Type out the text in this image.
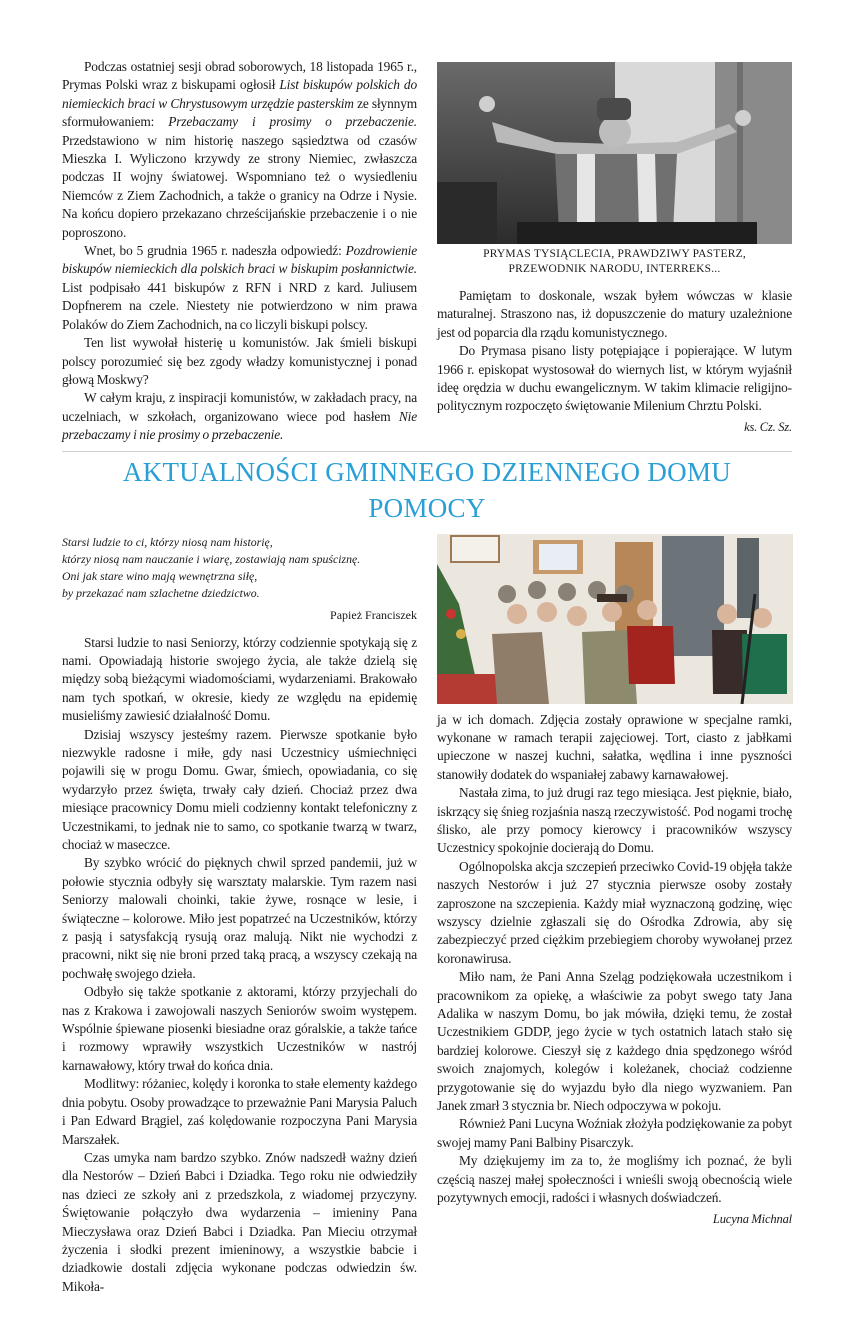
Podczas ostatniej sesji obrad soborowych, 18 listopada 1965 r., Prymas Polski wraz z biskupami ogłosił List biskupów polskich do niemieckich braci w Chrystusowym urzędzie pasterskim ze słynnym sformułowaniem: Przebaczamy i prosimy o przebaczenie. Przedstawiono w nim historię naszego sąsiedztwa od czasów Mieszka I. Wyliczono krzywdy ze strony Niemiec, zwłaszcza podczas II wojny światowej. Wspomniano też o wysiedleniu Niemców z Ziem Zachodnich, a także o granicy na Odrze i Nysie. Na końcu dopiero przekazano chrześcijańskie przebaczenie i o nie poproszono.

Wnet, bo 5 grudnia 1965 r. nadeszła odpowiedź: Pozdrowienie biskupów niemieckich dla polskich braci w biskupim posłannictwie. List podpisało 441 biskupów z RFN i NRD z kard. Juliusem Dopfnerem na czele. Niestety nie potwierdzono w nim prawa Polaków do Ziem Zachodnich, na co liczyli biskupi polscy.

Ten list wywołał histerię u komunistów. Jak śmieli biskupi polscy porozumieć się bez zgody władzy komunistycznej i ponad głową Moskwy?

W całym kraju, z inspiracji komunistów, w zakładach pracy, na uczelniach, w szkołach, organizowano wiece pod hasłem Nie przebaczamy i nie prosimy o przebaczenie.

PRYMAS TYSIĄCLECIA, PRAWDZIWY PASTERZ,
PRZEWODNIK NARODU, INTERREKS...

Pamiętam to doskonale, wszak byłem wówczas w klasie maturalnej. Straszono nas, iż dopuszczenie do matury uzależnione jest od poparcia dla rządu komunistycznego.

Do Prymasa pisano listy potępiające i popierające. W lutym 1966 r. episkopat wystosował do wiernych list, w którym wyjaśnił ideę orędzia w duchu ewangelicznym. W takim klimacie religijno-politycznym rozpoczęto świętowanie Milenium Chrztu Polski.

ks. Cz. Sz.
AKTUALNOŚCI GMINNEGO DZIENNEGO DOMU POMOCY
Starsi ludzie to ci, którzy niosą nam historię,
którzy niosą nam nauczanie i wiarę, zostawiają nam spuściznę.
Oni jak stare wino mają wewnętrzna siłę,
by przekazać nam szlachetne dziedzictwo.
Papież Franciszek

Starsi ludzie to nasi Seniorzy, którzy codziennie spotykają się z nami. Opowiadają historie swojego życia, ale także dzielą się między sobą bieżącymi wiadomościami, wydarzeniami. Brakowało nam tych spotkań, w okresie, kiedy ze względu na epidemię musieliśmy zawiesić działalność Domu.

Dzisiaj wszyscy jesteśmy razem. Pierwsze spotkanie było niezwykle radosne i miłe, gdy nasi Uczestnicy uśmiechnięci pojawili się w progu Domu. Gwar, śmiech, opowiadania, co się wydarzyło przez święta, trwały cały dzień. Chociaż przez dwa miesiące pracownicy Domu mieli codzienny kontakt telefoniczny z Uczestnikami, to jednak nie to samo, co spotkanie twarzą w twarz, chociaż w maseczce.

By szybko wrócić do pięknych chwil sprzed pandemii, już w połowie stycznia odbyły się warsztaty malarskie. Tym razem nasi Seniorzy malowali choinki, takie żywe, rosnące w lesie, i świąteczne – kolorowe. Miło jest popatrzeć na Uczestników, którzy z pasją i satysfakcją rysują oraz malują. Nikt nie wychodzi z pracowni, nikt się nie broni przed taką pracą, a wszyscy czekają na pochwałę swojego dzieła.

Odbyło się także spotkanie z aktorami, którzy przyjechali do nas z Krakowa i zawojowali naszych Seniorów swoim występem. Wspólnie śpiewane piosenki biesiadne oraz góralskie, a także tańce i rozmowy wprawiły wszystkich Uczestników w nastrój karnawałowy, który trwał do końca dnia.

Modlitwy: różaniec, kolędy i koronka to stałe elementy każdego dnia pobytu. Osoby prowadzące to przeważnie Pani Marysia Paluch i Pan Edward Brągiel, zaś kolędowanie rozpoczyna Pani Marysia Marszałek.

Czas umyka nam bardzo szybko. Znów nadszedł ważny dzień dla Nestorów – Dzień Babci i Dziadka. Tego roku nie odwiedziły nas dzieci ze szkoły ani z przedszkola, z wiadomej przyczyny. Świętowanie połączyło dwa wydarzenia – imieniny Pana Mieczysława oraz Dzień Babci i Dziadka. Pan Mieciu otrzymał życzenia i słodki prezent imieninowy, a wszystkie babcie i dziadkowie dostali zdjęcia wykonane podczas odwiedzin św. Mikoła-

ja w ich domach. Zdjęcia zostały oprawione w specjalne ramki, wykonane w ramach terapii zajęciowej. Tort, ciasto z jabłkami upieczone w naszej kuchni, sałatka, wędlina i inne pyszności stanowiły dodatek do wspaniałej zabawy karnawałowej.

Nastała zima, to już drugi raz tego miesiąca. Jest pięknie, biało, iskrzący się śnieg rozjaśnia naszą rzeczywistość. Pod nogami trochę ślisko, ale przy pomocy kierowcy i pracowników wszyscy Uczestnicy spokojnie docierają do Domu.

Ogólnopolska akcja szczepień przeciwko Covid-19 objęła także naszych Nestorów i już 27 stycznia pierwsze osoby zostały zaproszone na szczepienia. Każdy miał wyznaczoną godzinę, więc wszyscy dzielnie zgłaszali się do Ośrodka Zdrowia, aby się zabezpieczyć przed ciężkim przebiegiem choroby wywołanej przez koronawirusa.

Miło nam, że Pani Anna Szeląg podziękowała uczestnikom i pracownikom za opiekę, a właściwie za pobyt swego taty Jana Adalika w naszym Domu, bo jak mówiła, dzięki temu, że został Uczestnikiem GDDP, jego życie w tych ostatnich latach stało się bardziej kolorowe. Cieszył się z każdego dnia spędzonego wśród swoich znajomych, kolegów i koleżanek, chociaż codzienne przygotowanie się do wyjazdu było dla niego wyzwaniem. Pan Janek zmarł 3 stycznia br. Niech odpoczywa w pokoju.

Również Pani Lucyna Woźniak złożyła podziękowanie za pobyt swojej mamy Pani Balbiny Pisarczyk.

My dziękujemy im za to, że mogliśmy ich poznać, że byli częścią naszej małej społeczności i wnieśli swoją obecnością wiele pozytywnych emocji, radości i własnych doświadczeń.

Lucyna Michnal
